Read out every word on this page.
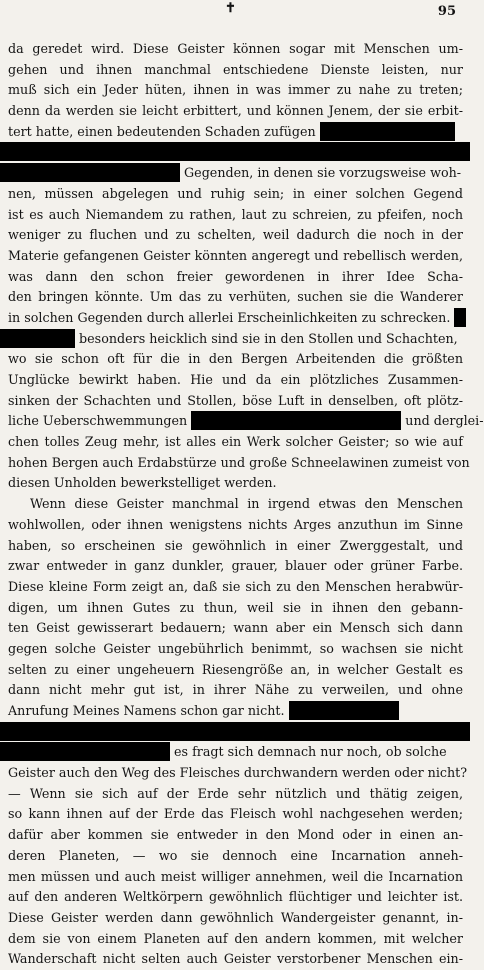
✝	95
da geredet wird. Diese Geister können sogar mit Menschen um-
gehen und ihnen manchmal entschiedene Dienste leisten, nur
muß sich ein Jeder hüten, ihnen in was immer zu nahe zu treten;
denn da werden sie leicht erbittert, und können Jenem, der sie erbit-
tert hatte, einen bedeutenden Schaden zufügen
Gegenden, in denen sie vorzugsweise woh-
nen, müssen abgelegen und ruhig sein; in einer solchen Gegend
ist es auch Niemandem zu rathen, laut zu schreien, zu pfeifen, noch
weniger zu fluchen und zu schelten, weil dadurch die noch in der
Materie gefangenen Geister könnten angeregt und rebellisch werden,
was dann den schon freier gewordenen in ihrer Idee Scha-
den bringen könnte. Um das zu verhüten, suchen sie die Wanderer
in solchen Gegenden durch allerlei Erscheinlichkeiten zu schrecken.
besonders heicklich sind sie in den Stollen und Schachten,
wo sie schon oft für die in den Bergen Arbeitenden die größten
Unglücke bewirkt haben. Hie und da ein plötzliches Zusammen-
sinken der Schachten und Stollen, böse Luft in denselben, oft plötz-
liche Ueberschwemmungen	und derglei-
chen tolles Zeug mehr, ist alles ein Werk solcher Geister; so wie auf
hohen Bergen auch Erdabstürze und große Schneelawinen zumeist von
diesen Unholden bewerkstelliget werden.
Wenn diese Geister manchmal in irgend etwas den Menschen
wohlwollen, oder ihnen wenigstens nichts Arges anzuthun im Sinne
haben, so erscheinen sie gewöhnlich in einer Zwerggestalt, und
zwar entweder in ganz dunkler, grauer, blauer oder grüner Farbe.
Diese kleine Form zeigt an, daß sie sich zu den Menschen herabwür-
digen, um ihnen Gutes zu thun, weil sie in ihnen den gebann-
ten Geist gewisserart bedauern; wann aber ein Mensch sich dann
gegen solche Geister ungebührlich benimmt, so wachsen sie nicht
selten zu einer ungeheuern Riesengröße an, in welcher Gestalt es
dann nicht mehr gut ist, in ihrer Nähe zu verweilen, und ohne
Anrufung Meines Namens schon gar nicht.
es fragt sich demnach nur noch, ob solche
Geister auch den Weg des Fleisches durchwandern werden oder nicht?
— Wenn sie sich auf der Erde sehr nützlich und thätig zeigen,
so kann ihnen auf der Erde das Fleisch wohl nachgesehen werden;
dafür aber kommen sie entweder in den Mond oder in einen an-
deren Planeten, — wo sie dennoch eine Incarnation anneh-
men müssen und auch meist williger annehmen, weil die Incarnation
auf den anderen Weltkörpern gewöhnlich flüchtiger und leichter ist.
Diese Geister werden dann gewöhnlich Wandergeister genannt, in-
dem sie von einem Planeten auf den andern kommen, mit welcher
Wanderschaft nicht selten auch Geister verstorbener Menschen ein-
